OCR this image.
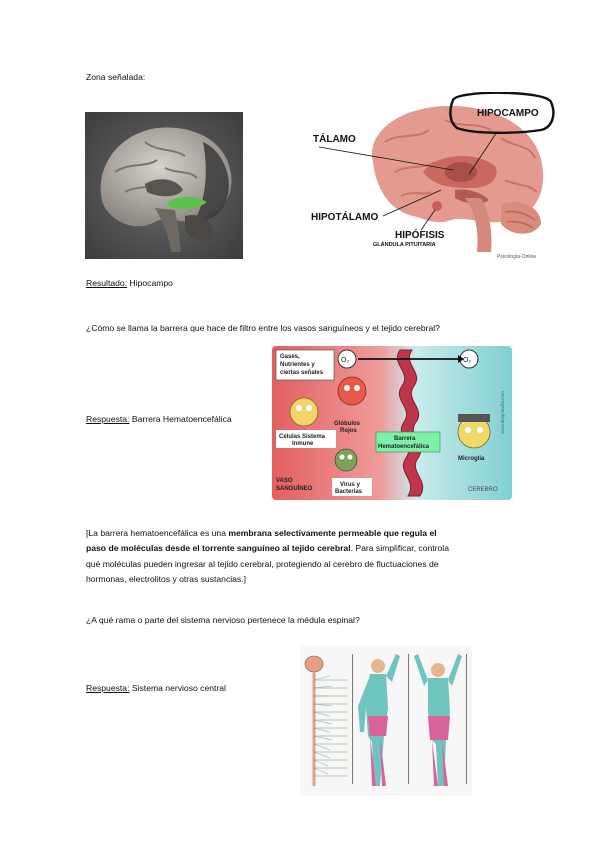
Zona señalada:
HIPOCAMPO
TÁLAMO
HIPOTÁLAMO
HIPÓFISIS
GLÁNDULA PITUITARIA
Psicología-Online
Resultado: Hipocampo
¿Cómo se llama la barrera que hace de filtro entre los vasos sanguíneos y el tejido cerebral?
Respuesta: Barrera Hematoencefálica
Gases,
Nutrientes y
ciertas señales
O₂	O₂
Glóbulos
Rojos
Células Sistema
Inmune
Virus y
Bacterias
Barrera
Hematoencefálica
Microglía
VASO
SANGUÍNEO	CEREBRO
www.diegolavilla.com
[La barrera hematoencefálica es una membrana selectivamente permeable que regula el
paso de moléculas desde el torrente sanguíneo al tejido cerebral. Para simplificar, controla
qué moléculas pueden ingresar al tejido cerebral, protegiendo al cerebro de fluctuaciones de
hormonas, electrolitos y otras sustancias.]
¿A qué rama o parte del sistema nervioso pertenece la médula espinal?
Respuesta: Sistema nervioso central
